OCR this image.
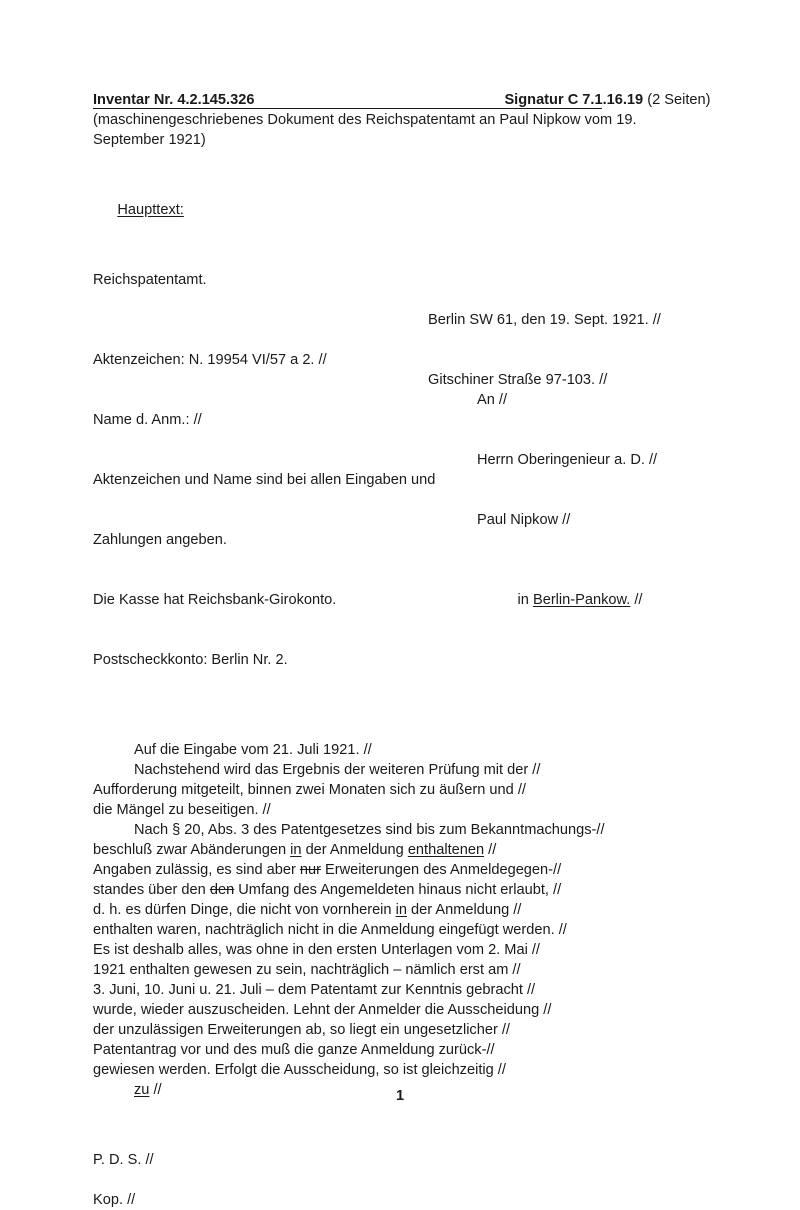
Inventar Nr. 4.2.145.326	Signatur C 7.1.16.19 (2 Seiten)
(maschinengeschriebenes Dokument des Reichspatentamt an Paul Nipkow vom 19.
September 1921)

Haupttext:

Reichspatentamt.

Berlin SW 61, den 19. Sept. 1921. //

Gitschiner Straße 97-103. //

Aktenzeichen: N. 19954 VI/57 a 2. //

Name d. Anm.: //

Aktenzeichen und Name sind bei allen Eingaben und

Zahlungen angeben.

Die Kasse hat Reichsbank-Girokonto.

Postscheckkonto: Berlin Nr. 2.

An //

Herrn Oberingenieur a. D. //

Paul Nipkow //

in Berlin-Pankow. //

Auf die Eingabe vom 21. Juli 1921. //
Nachstehend wird das Ergebnis der weiteren Prüfung mit der //
Aufforderung mitgeteilt, binnen zwei Monaten sich zu äußern und //
die Mängel zu beseitigen. //
Nach § 20, Abs. 3 des Patentgesetzes sind bis zum Bekanntmachungs-//
beschluß zwar Abänderungen in der Anmeldung enthaltenen //
Angaben zulässig, es sind aber nur Erweiterungen des Anmeldegegen-//
standes über den den Umfang des Angemeldeten hinaus nicht erlaubt, //
d. h. es dürfen Dinge, die nicht von vornherein in der Anmeldung //
enthalten waren, nachträglich nicht in die Anmeldung eingefügt werden. //
Es ist deshalb alles, was ohne in den ersten Unterlagen vom 2. Mai //
1921 enthalten gewesen zu sein, nachträglich – nämlich erst am //
3. Juni, 10. Juni u. 21. Juli – dem Patentamt zur Kenntnis gebracht //
wurde, wieder auszuscheiden. Lehnt der Anmelder die Ausscheidung //
der unzulässigen Erweiterungen ab, so liegt ein ungesetzlicher //
Patentantrag vor und des muß die ganze Anmeldung zurück-//
gewiesen werden. Erfolgt die Ausscheidung, so ist gleichzeitig //
zu //
P. D. S. //
Kop. //
1
